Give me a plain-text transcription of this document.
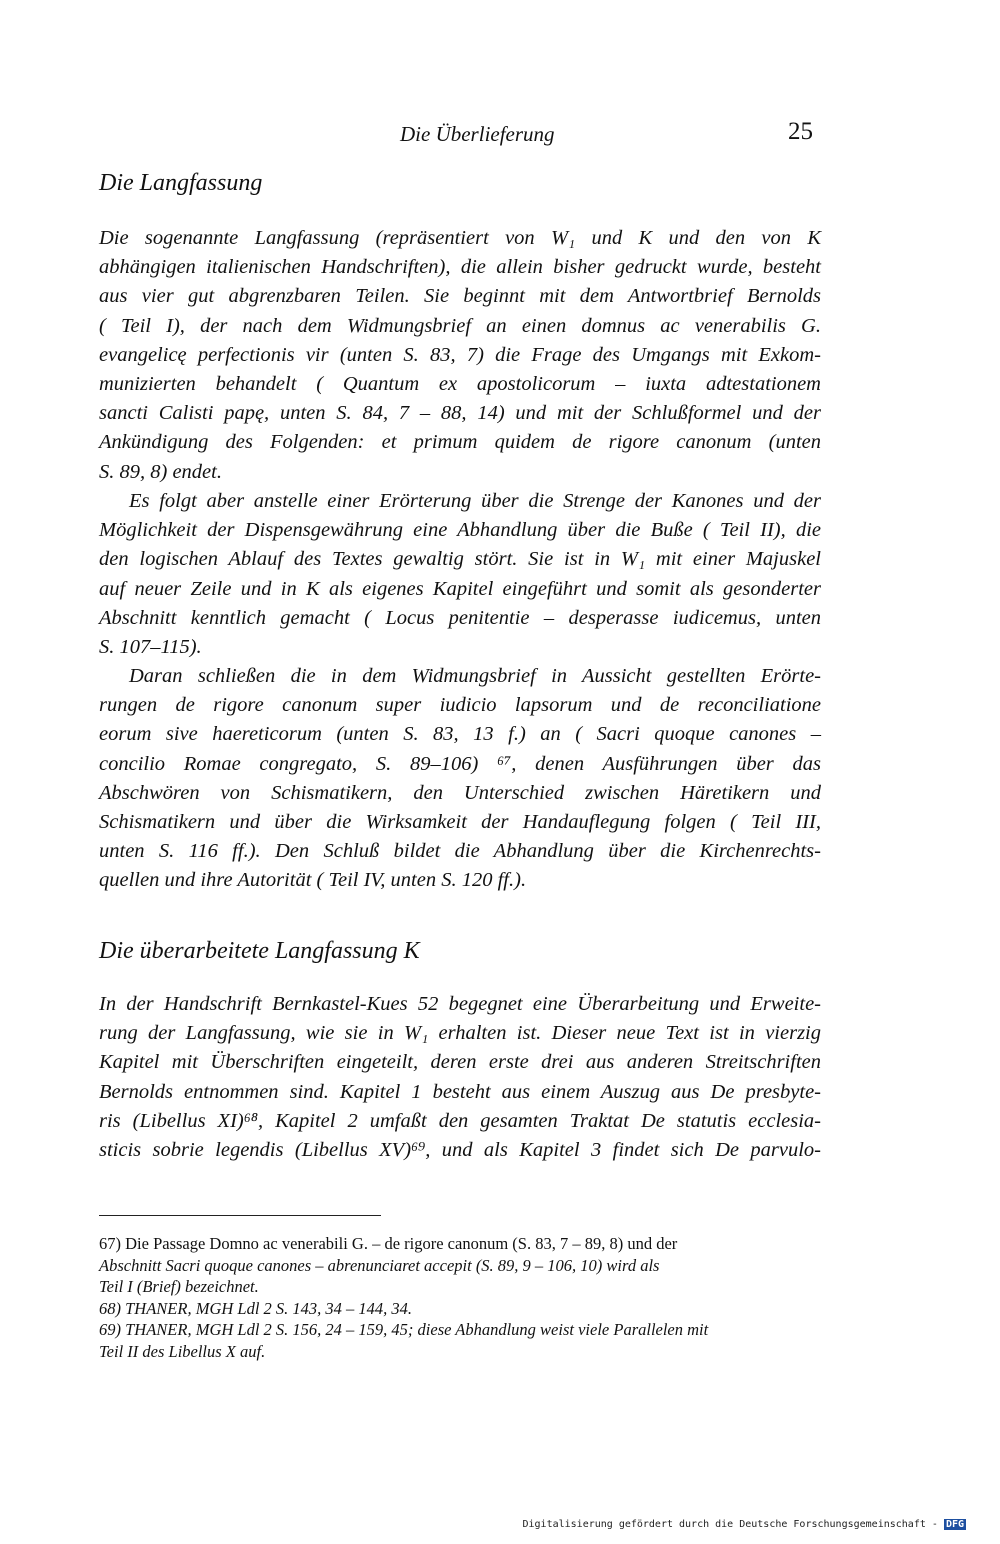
Die Überlieferung	25
Die Langfassung
Die sogenannte Langfassung (repräsentiert von W₁ und K und den von K
abhängigen italienischen Handschriften), die allein bisher gedruckt wurde, besteht
aus vier gut abgrenzbaren Teilen. Sie beginnt mit dem Antwortbrief Bernolds
( Teil I), der nach dem Widmungsbrief an einen domnus ac venerabilis G.
evangelicę perfectionis vir (unten S. 83, 7) die Frage des Umgangs mit Exkom-
munizierten behandelt ( Quantum ex apostolicorum – iuxta adtestationem
sancti Calisti papę, unten S. 84, 7 – 88, 14) und mit der Schlußformel und der
Ankündigung des Folgenden: et primum quidem de rigore canonum (unten
S. 89, 8) endet.
Es folgt aber anstelle einer Erörterung über die Strenge der Kanones und der
Möglichkeit der Dispensgewährung eine Abhandlung über die Buße ( Teil II), die
den logischen Ablauf des Textes gewaltig stört. Sie ist in W₁ mit einer Majuskel
auf neuer Zeile und in K als eigenes Kapitel eingeführt und somit als gesonderter
Abschnitt kenntlich gemacht ( Locus penitentie – desperasse iudicemus, unten
S. 107–115).
Daran schließen die in dem Widmungsbrief in Aussicht gestellten Erörte-
rungen de rigore canonum super iudicio lapsorum und de reconciliatione
eorum sive haereticorum (unten S. 83, 13 f.) an ( Sacri quoque canones –
concilio Romae congregato, S. 89–106) ⁶⁷, denen Ausführungen über das
Abschwören von Schismatikern, den Unterschied zwischen Häretikern und
Schismatikern und über die Wirksamkeit der Handauflegung folgen ( Teil III,
unten S. 116 ff.). Den Schluß bildet die Abhandlung über die Kirchenrechts-
quellen und ihre Autorität ( Teil IV, unten S. 120 ff.).
Die überarbeitete Langfassung K
In der Handschrift Bernkastel-Kues 52 begegnet eine Überarbeitung und Erweite-
rung der Langfassung, wie sie in W₁ erhalten ist. Dieser neue Text ist in vierzig
Kapitel mit Überschriften eingeteilt, deren erste drei aus anderen Streitschriften
Bernolds entnommen sind. Kapitel 1 besteht aus einem Auszug aus De presbyte-
ris (Libellus XI)⁶⁸, Kapitel 2 umfaßt den gesamten Traktat De statutis ecclesia-
sticis sobrie legendis (Libellus XV)⁶⁹, und als Kapitel 3 findet sich De parvulo-
67) Die Passage Domno ac venerabili G. – de rigore canonum (S. 83, 7 – 89, 8) und der
Abschnitt Sacri quoque canones – abrenunciaret accepit (S. 89, 9 – 106, 10) wird als
Teil I (Brief) bezeichnet.
68) THANER, MGH Ldl 2 S. 143, 34 – 144, 34.
69) THANER, MGH Ldl 2 S. 156, 24 – 159, 45; diese Abhandlung weist viele Parallelen mit
Teil II des Libellus X auf.
Digitalisierung gefördert durch die Deutsche Forschungsgemeinschaft - DFG
